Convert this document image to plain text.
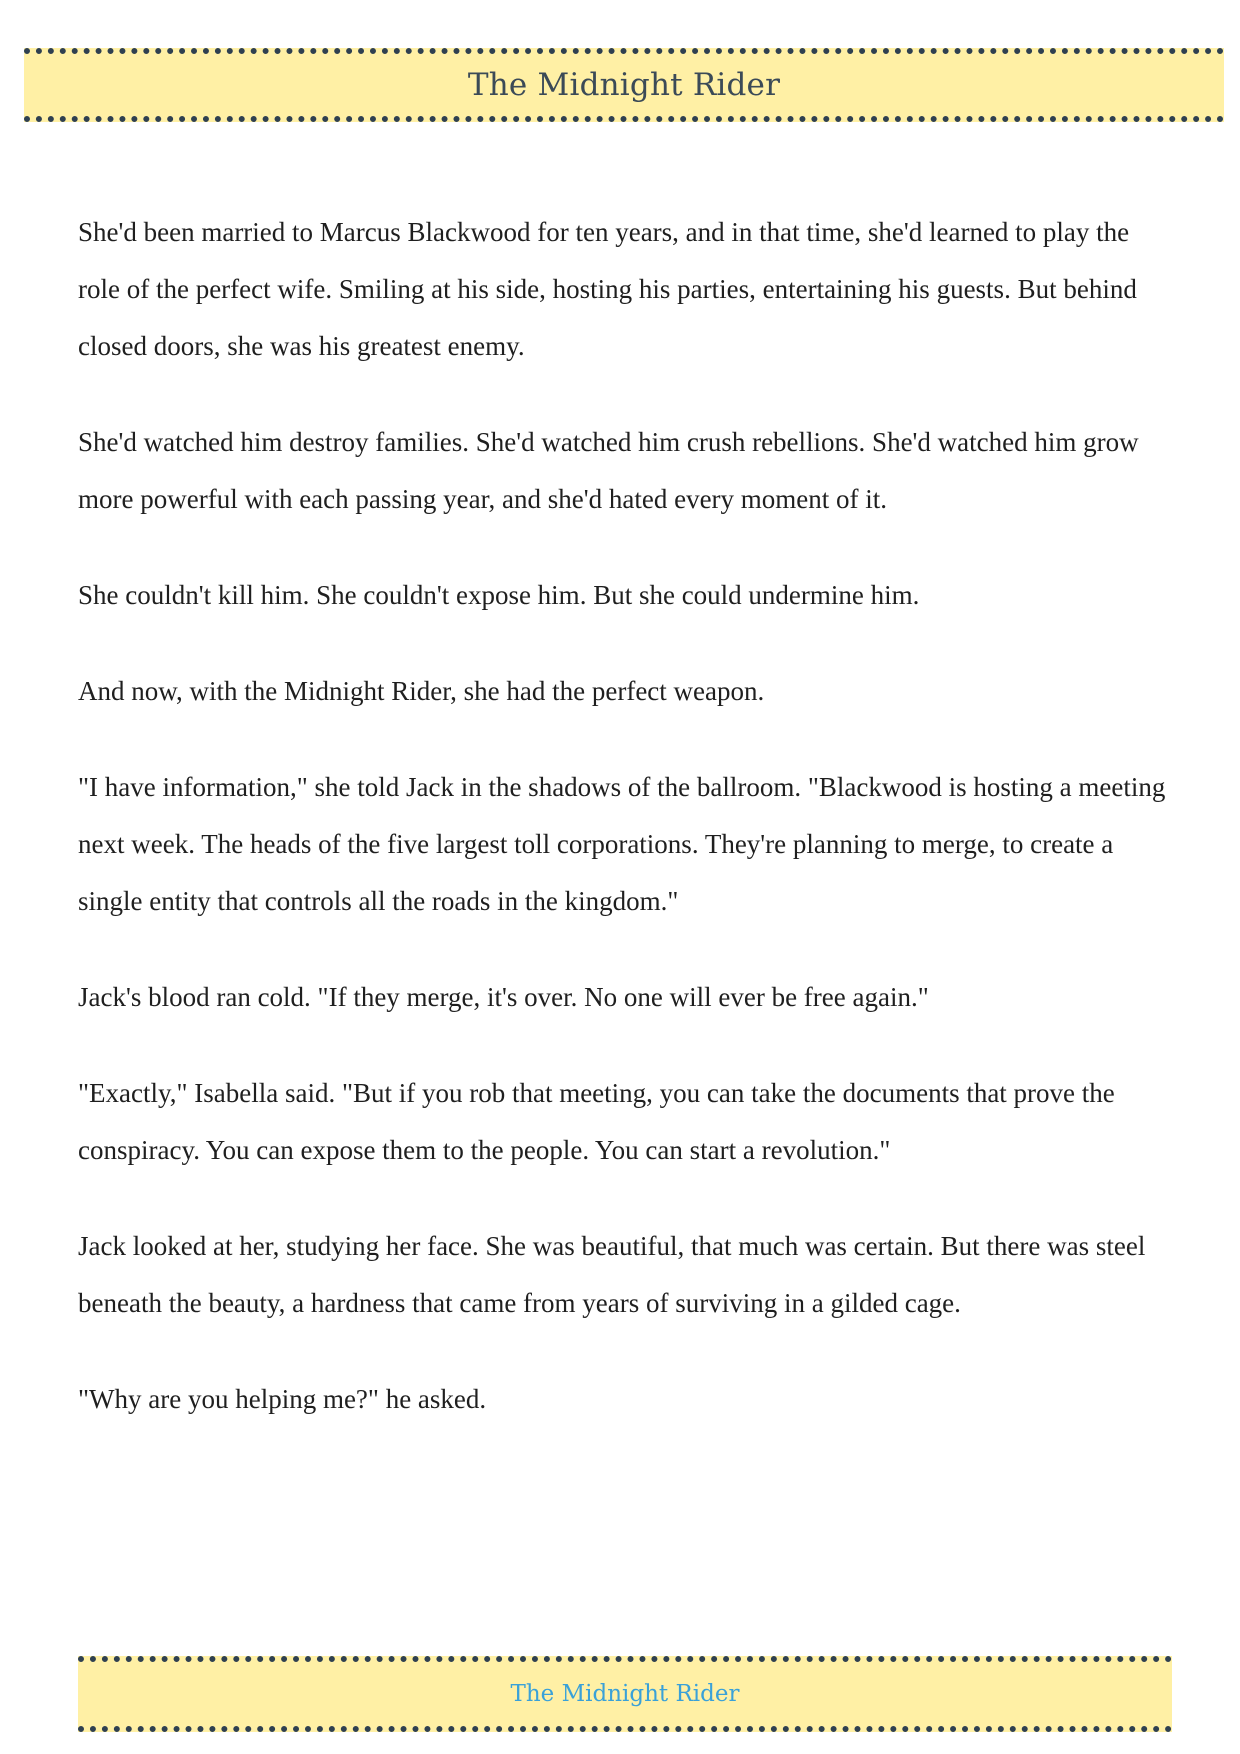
The Midnight Rider

She'd been married to Marcus Blackwood for ten years, and in that time, she'd learned to play the role of the perfect wife. Smiling at his side, hosting his parties, entertaining his guests. But behind closed doors, she was his greatest enemy.

She'd watched him destroy families. She'd watched him crush rebellions. She'd watched him grow more powerful with each passing year, and she'd hated every moment of it.

She couldn't kill him. She couldn't expose him. But she could undermine him.

And now, with the Midnight Rider, she had the perfect weapon.

"I have information," she told Jack in the shadows of the ballroom. "Blackwood is hosting a meeting next week. The heads of the five largest toll corporations. They're planning to merge, to create a single entity that controls all the roads in the kingdom."

Jack's blood ran cold. "If they merge, it's over. No one will ever be free again."

"Exactly," Isabella said. "But if you rob that meeting, you can take the documents that prove the conspiracy. You can expose them to the people. You can start a revolution."

Jack looked at her, studying her face. She was beautiful, that much was certain. But there was steel beneath the beauty, a hardness that came from years of surviving in a gilded cage.

"Why are you helping me?" he asked.

The Midnight Rider
